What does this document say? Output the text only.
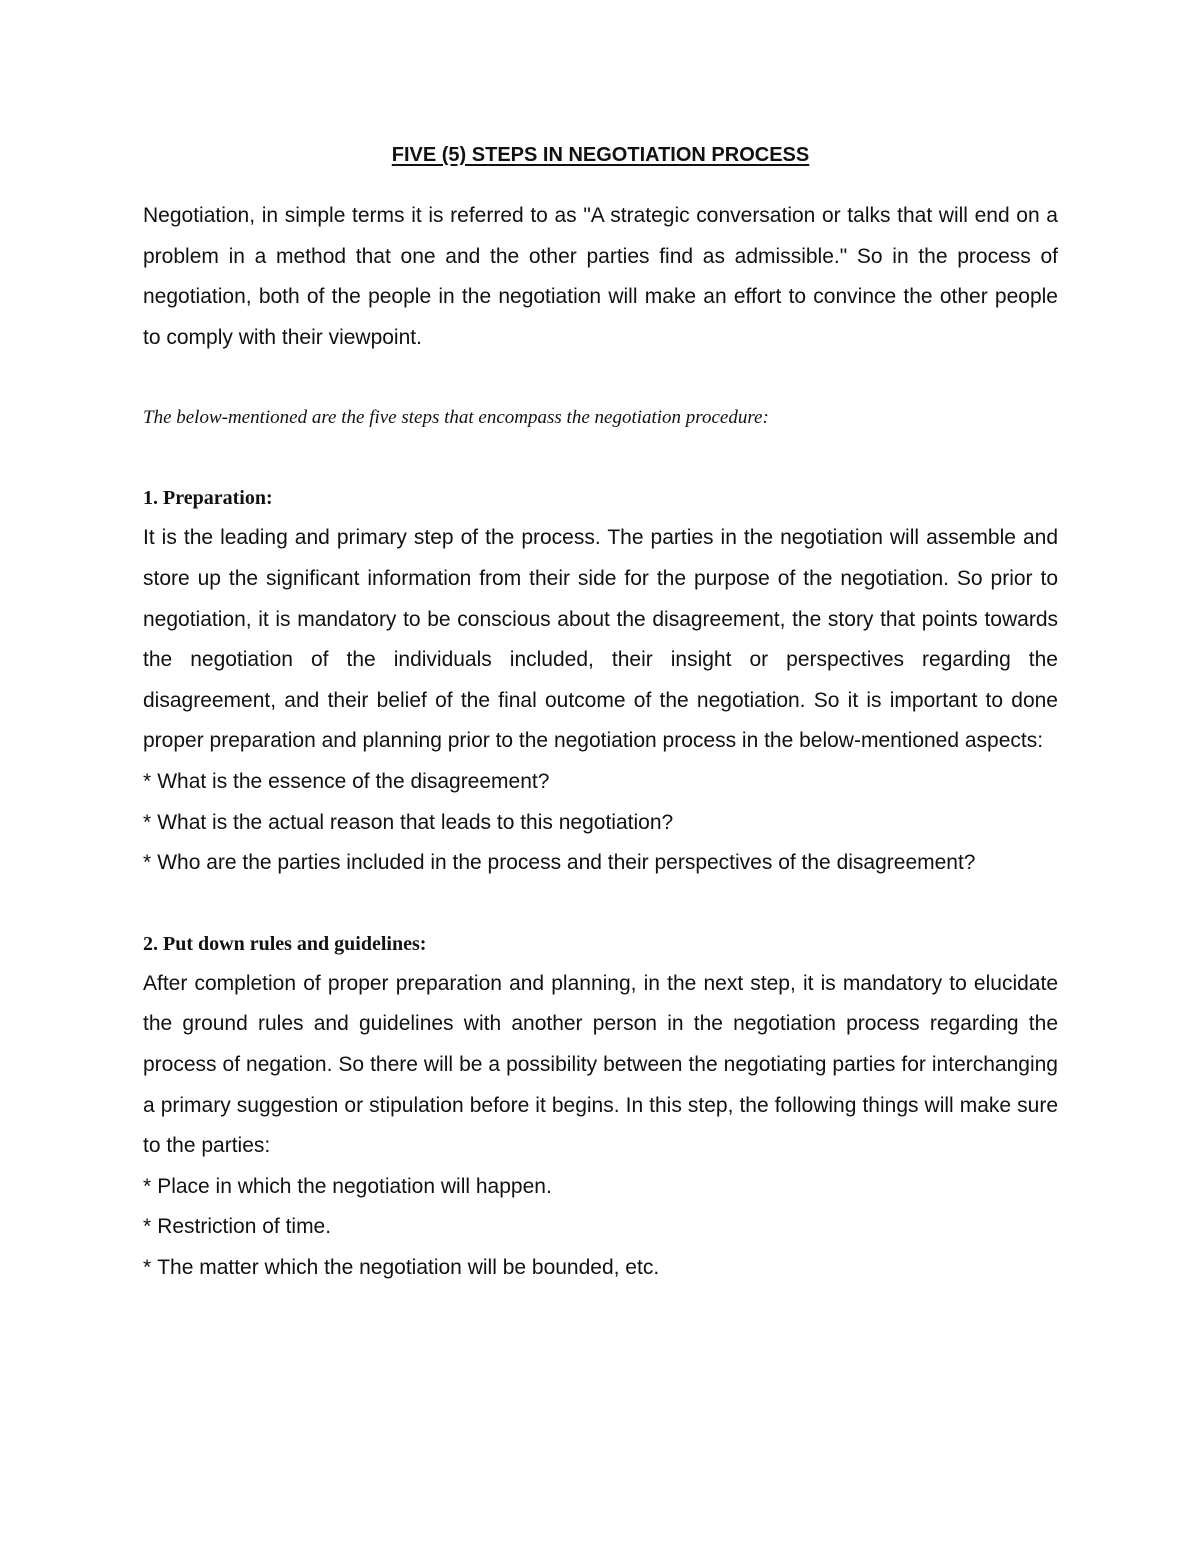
FIVE (5) STEPS IN NEGOTIATION PROCESS

Negotiation, in simple terms it is referred to as "A strategic conversation or talks that will end on a problem in a method that one and the other parties find as admissible." So in the process of negotiation, both of the people in the negotiation will make an effort to convince the other people to comply with their viewpoint.

The below-mentioned are the five steps that encompass the negotiation procedure:

1. Preparation:

It is the leading and primary step of the process. The parties in the negotiation will assemble and store up the significant information from their side for the purpose of the negotiation. So prior to negotiation, it is mandatory to be conscious about the disagreement, the story that points towards the negotiation of the individuals included, their insight or perspectives regarding the disagreement, and their belief of the final outcome of the negotiation. So it is important to done proper preparation and planning prior to the negotiation process in the below-mentioned aspects:

* What is the essence of the disagreement?
* What is the actual reason that leads to this negotiation?
* Who are the parties included in the process and their perspectives of the disagreement?
2. Put down rules and guidelines:

After completion of proper preparation and planning, in the next step, it is mandatory to elucidate the ground rules and guidelines with another person in the negotiation process regarding the process of negation. So there will be a possibility between the negotiating parties for interchanging a primary suggestion or stipulation before it begins. In this step, the following things will make sure to the parties:

* Place in which the negotiation will happen.
* Restriction of time.
* The matter which the negotiation will be bounded, etc.
